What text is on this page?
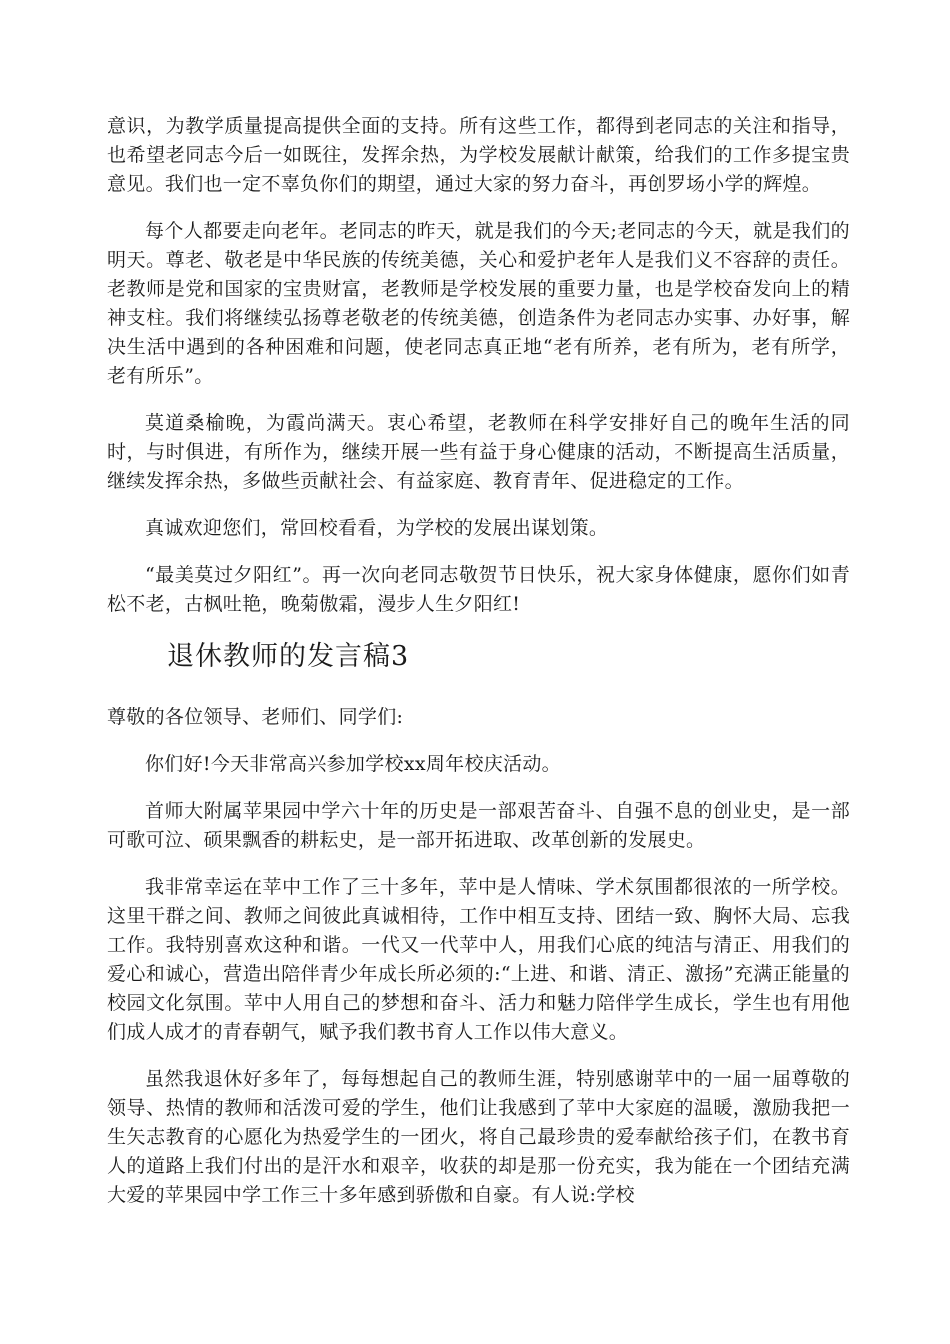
意识，为教学质量提高提供全面的支持。所有这些工作，都得到老同志的关注和指导，也希望老同志今后一如既往，发挥余热，为学校发展献计献策，给我们的工作多提宝贵意见。我们也一定不辜负你们的期望，通过大家的努力奋斗，再创罗场小学的辉煌。

每个人都要走向老年。老同志的昨天，就是我们的今天;老同志的今天，就是我们的明天。尊老、敬老是中华民族的传统美德，关心和爱护老年人是我们义不容辞的责任。老教师是党和国家的宝贵财富，老教师是学校发展的重要力量，也是学校奋发向上的精神支柱。我们将继续弘扬尊老敬老的传统美德，创造条件为老同志办实事、办好事，解决生活中遇到的各种困难和问题，使老同志真正地“老有所养，老有所为，老有所学，老有所乐”。

莫道桑榆晚，为霞尚满天。衷心希望，老教师在科学安排好自己的晚年生活的同时，与时俱进，有所作为，继续开展一些有益于身心健康的活动，不断提高生活质量，继续发挥余热，多做些贡献社会、有益家庭、教育青年、促进稳定的工作。

真诚欢迎您们，常回校看看，为学校的发展出谋划策。

“最美莫过夕阳红”。再一次向老同志敬贺节日快乐，祝大家身体健康，愿你们如青松不老，古枫吐艳，晚菊傲霜，漫步人生夕阳红!

退休教师的发言稿3

尊敬的各位领导、老师们、同学们:

你们好!今天非常高兴参加学校xx周年校庆活动。

首师大附属苹果园中学六十年的历史是一部艰苦奋斗、自强不息的创业史，是一部可歌可泣、硕果飘香的耕耘史，是一部开拓进取、改革创新的发展史。

我非常幸运在苹中工作了三十多年，苹中是人情味、学术氛围都很浓的一所学校。这里干群之间、教师之间彼此真诚相待，工作中相互支持、团结一致、胸怀大局、忘我工作。我特别喜欢这种和谐。一代又一代苹中人，用我们心底的纯洁与清正、用我们的爱心和诚心，营造出陪伴青少年成长所必须的:“上进、和谐、清正、激扬”充满正能量的校园文化氛围。苹中人用自己的梦想和奋斗、活力和魅力陪伴学生成长，学生也有用他们成人成才的青春朝气，赋予我们教书育人工作以伟大意义。

虽然我退休好多年了，每每想起自己的教师生涯，特别感谢苹中的一届一届尊敬的领导、热情的教师和活泼可爱的学生，他们让我感到了苹中大家庭的温暖，激励我把一生矢志教育的心愿化为热爱学生的一团火，将自己最珍贵的爱奉献给孩子们，在教书育人的道路上我们付出的是汗水和艰辛，收获的却是那一份充实，我为能在一个团结充满大爱的苹果园中学工作三十多年感到骄傲和自豪。有人说:学校
